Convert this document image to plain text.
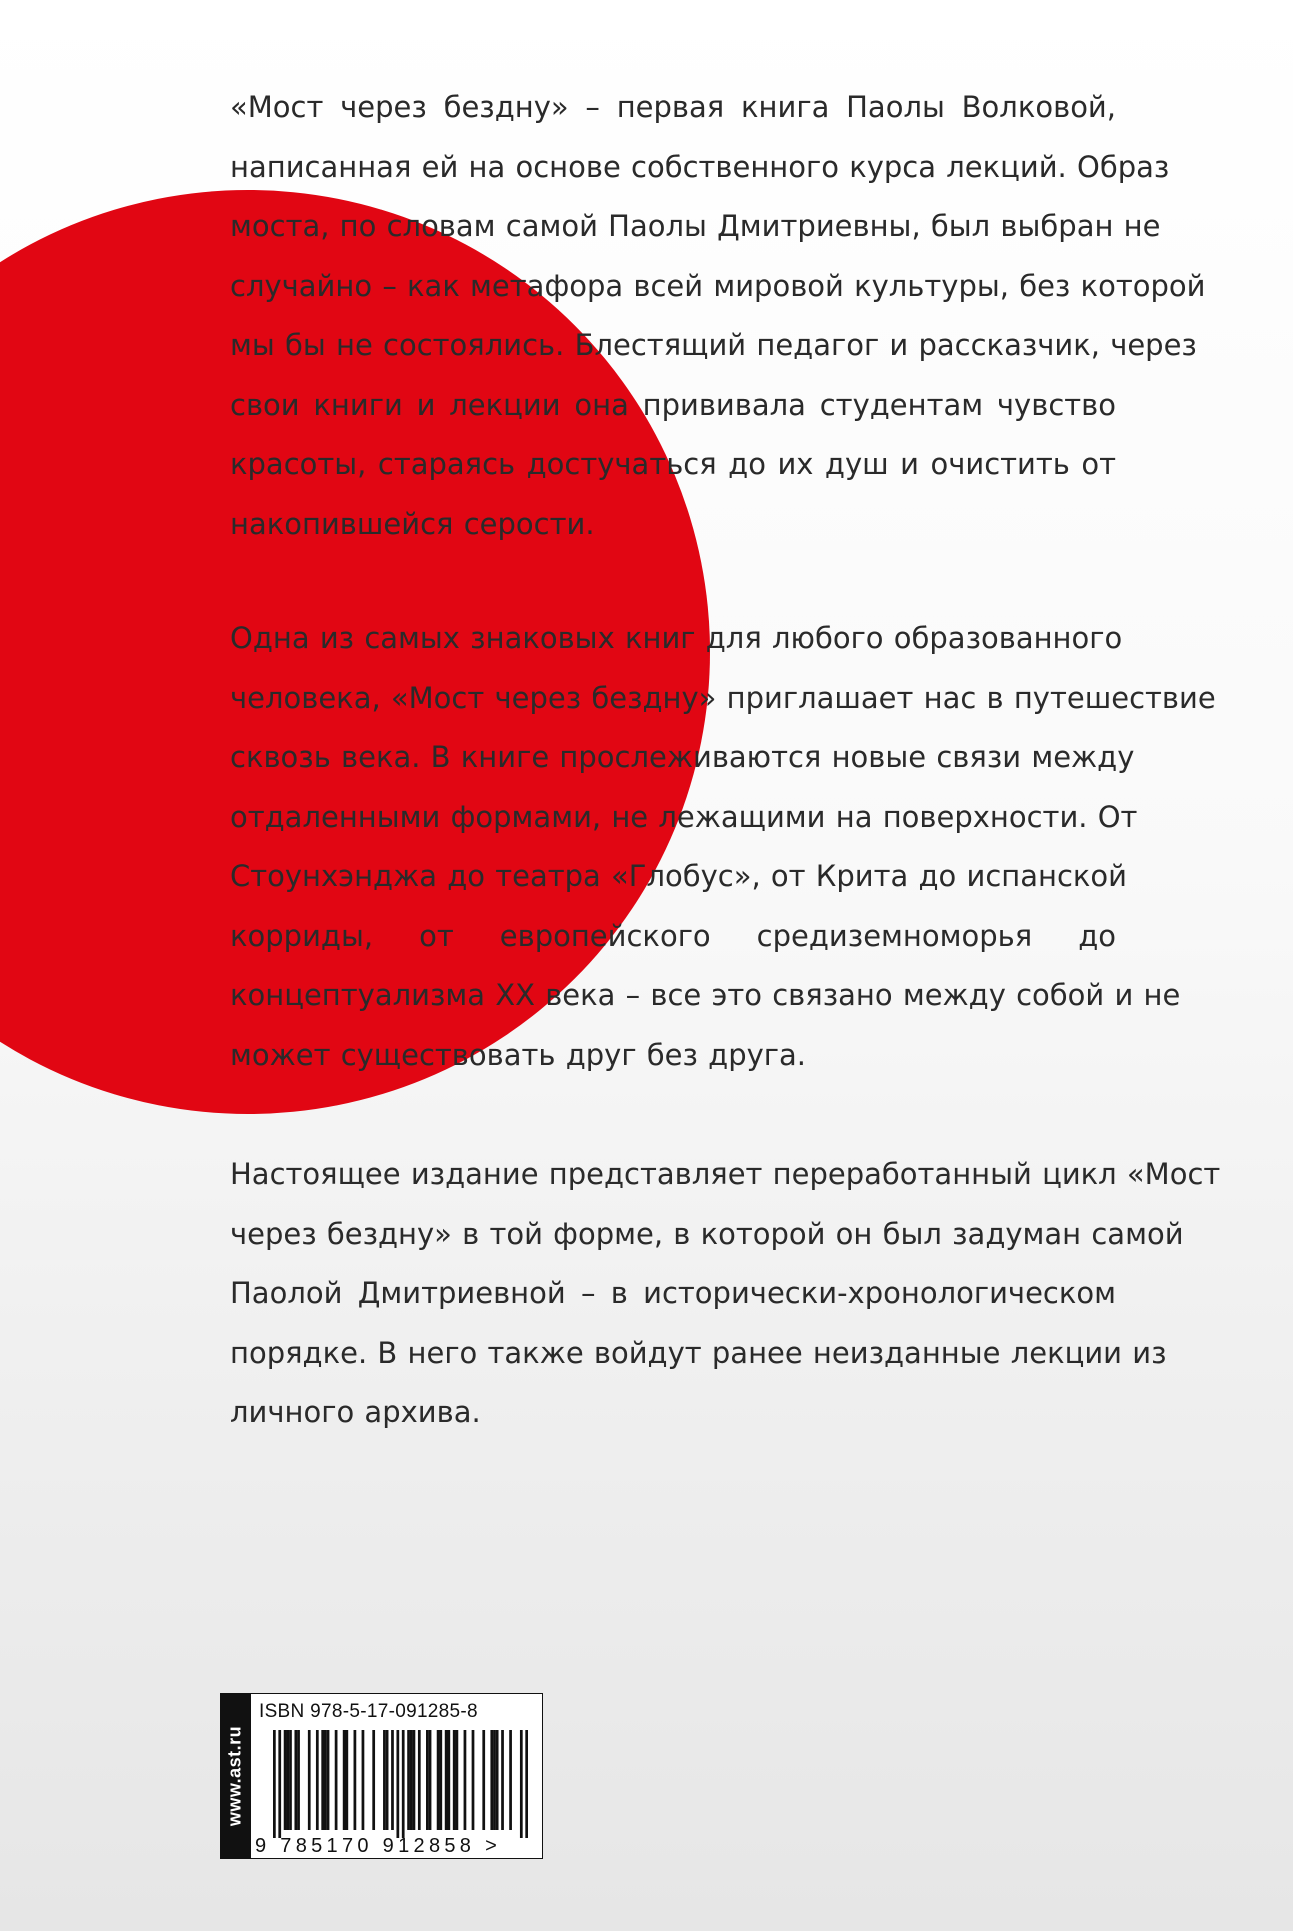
«Мост через бездну» – первая книга Паолы Волковой,
написанная ей на основе собственного курса лекций. Образ
моста, по словам самой Паолы Дмитриевны, был выбран не
случайно – как метафора всей мировой культуры, без которой
мы бы не состоялись. Блестящий педагог и рассказчик, через
свои книги и лекции она прививала студентам чувство
красоты, стараясь достучаться до их душ и очистить от
накопившейся серости.
Одна из самых знаковых книг для любого образованного
человека, «Мост через бездну» приглашает нас в путешествие
сквозь века. В книге прослеживаются новые связи между
отдаленными формами, не лежащими на поверхности. От
Стоунхэнджа до театра «Глобус», от Крита до испанской
корриды, от европейского средиземноморья до
концептуализма XX века – все это связано между собой и не
может существовать друг без друга.
Настоящее издание представляет переработанный цикл «Мост
через бездну» в той форме, в которой он был задуман самой
Паолой Дмитриевной – в исторически-хронологическом
порядке. В него также войдут ранее неизданные лекции из
личного архива.
www.ast.ru
ISBN 978-5-17-091285-8
9 785170 912858 >
